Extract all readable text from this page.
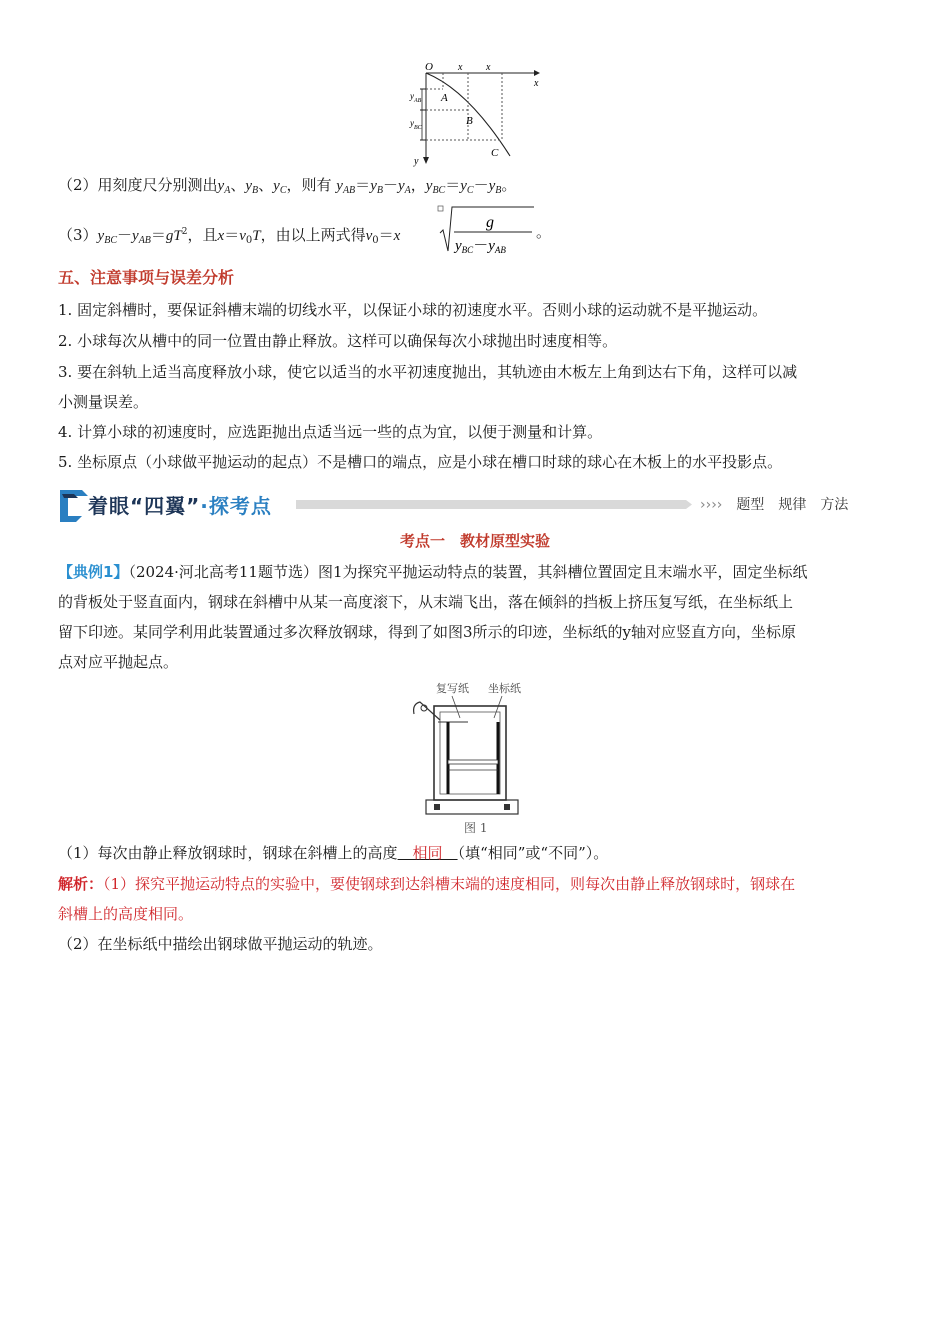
O
x
y
x x
A
B
C
$y_{AB}$
$y_{BC}$
（2）用刻度尺分别测出$y_A$、$y_B$、$y_C$，则有 $y_{AB}=y_B-y_A$，$y_{BC}=y_C-y_B$。
$(3)y_{BC}-y_{AB}=gT^2$，且$x=v_0T$，由以上两式得$v_0=x$
g
$y_{BC}-y_{AB}$
。
五、注意事项与误差分析
1. 固定斜槽时，要保证斜槽末端的切线水平，以保证小球的初速度水平。否则小球的运动就不是平抛运动。
2. 小球每次从槽中的同一位置由静止释放。这样可以确保每次小球抛出时速度相等。
3. 要在斜轨上适当高度释放小球，使它以适当的水平初速度抛出，其轨迹由木板左上角到达右下角，这样可以减
小测量误差。
4. 计算小球的初速度时，应选距抛出点适当远一些的点为宜，以便于测量和计算。
5. 坐标原点（小球做平抛运动的起点）不是槽口的端点，应是小球在槽口时球的球心在木板上的水平投影点。
着眼“四翼”·探考点	›››› 题型 规律 方法
考点一　教材原型实验
【典例1】（2024·河北高考11题节选）图1为探究平抛运动特点的装置，其斜槽位置固定且末端水平，固定坐标纸
的背板处于竖直面内，钢球在斜槽中从某一高度滚下，从末端飞出，落在倾斜的挡板上挤压复写纸，在坐标纸上
留下印迹。某同学利用此装置通过多次释放钢球，得到了如图3所示的印迹，坐标纸的y轴对应竖直方向，坐标原
点对应平抛起点。
复写纸 坐标纸
图 1
（1）每次由静止释放钢球时，钢球在斜槽上的高度　相同　（填“相同”或“不同”）。
解析：（1）探究平抛运动特点的实验中，要使钢球到达斜槽末端的速度相同，则每次由静止释放钢球时，钢球在
斜槽上的高度相同。
（2）在坐标纸中描绘出钢球做平抛运动的轨迹。
